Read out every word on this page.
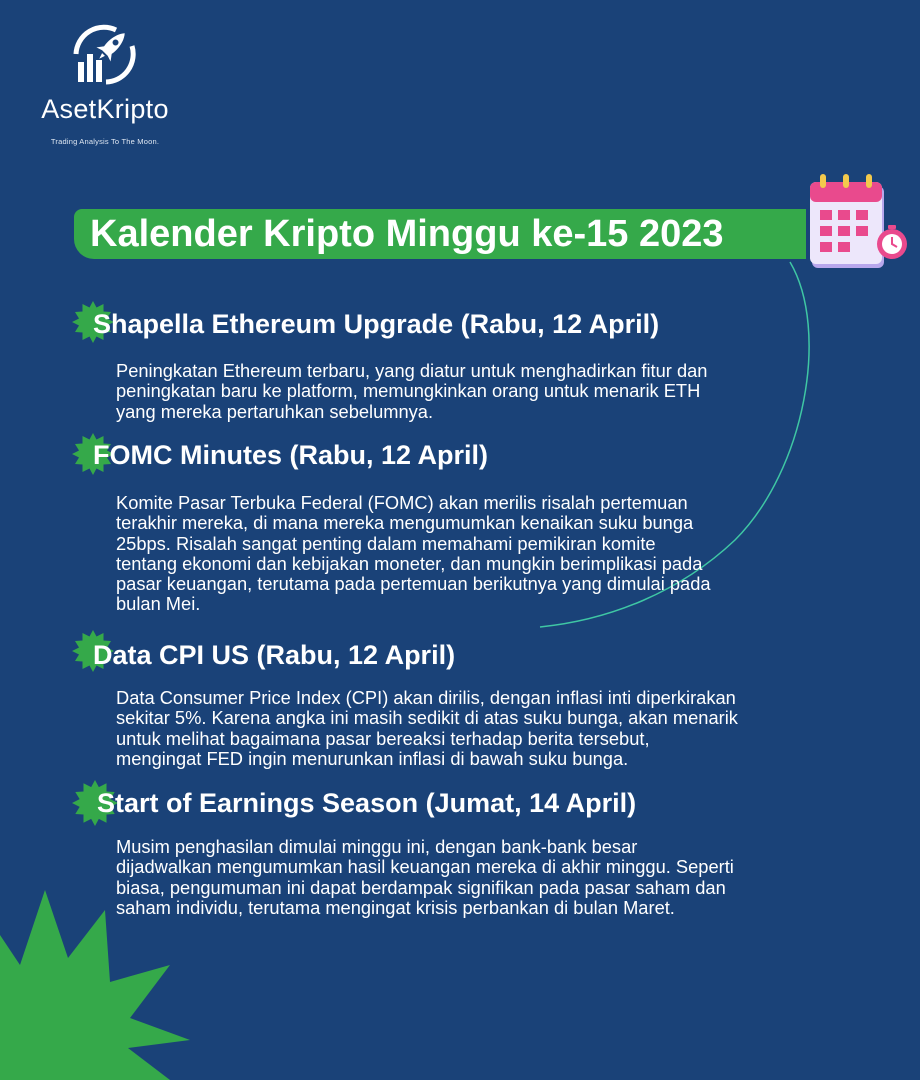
AsetKripto
Trading Analysis To The Moon.
Kalender Kripto Minggu ke-15 2023
Shapella Ethereum Upgrade (Rabu, 12 April)
Peningkatan Ethereum terbaru, yang diatur untuk menghadirkan fitur dan
peningkatan baru ke platform, memungkinkan orang untuk menarik ETH
yang mereka pertaruhkan sebelumnya.
FOMC Minutes (Rabu, 12 April)
Komite Pasar Terbuka Federal (FOMC) akan merilis risalah pertemuan
terakhir mereka, di mana mereka mengumumkan kenaikan suku bunga
25bps. Risalah sangat penting dalam memahami pemikiran komite
tentang ekonomi dan kebijakan moneter, dan mungkin berimplikasi pada
pasar keuangan, terutama pada pertemuan berikutnya yang dimulai pada
bulan Mei.
Data CPI US (Rabu, 12 April)
Data Consumer Price Index (CPI) akan dirilis, dengan inflasi inti diperkirakan
sekitar 5%. Karena angka ini masih sedikit di atas suku bunga, akan menarik
untuk melihat bagaimana pasar bereaksi terhadap berita tersebut,
mengingat FED ingin menurunkan inflasi di bawah suku bunga.
Start of Earnings Season (Jumat, 14 April)
Musim penghasilan dimulai minggu ini, dengan bank-bank besar
dijadwalkan mengumumkan hasil keuangan mereka di akhir minggu. Seperti
biasa, pengumuman ini dapat berdampak signifikan pada pasar saham dan
saham individu, terutama mengingat krisis perbankan di bulan Maret.
